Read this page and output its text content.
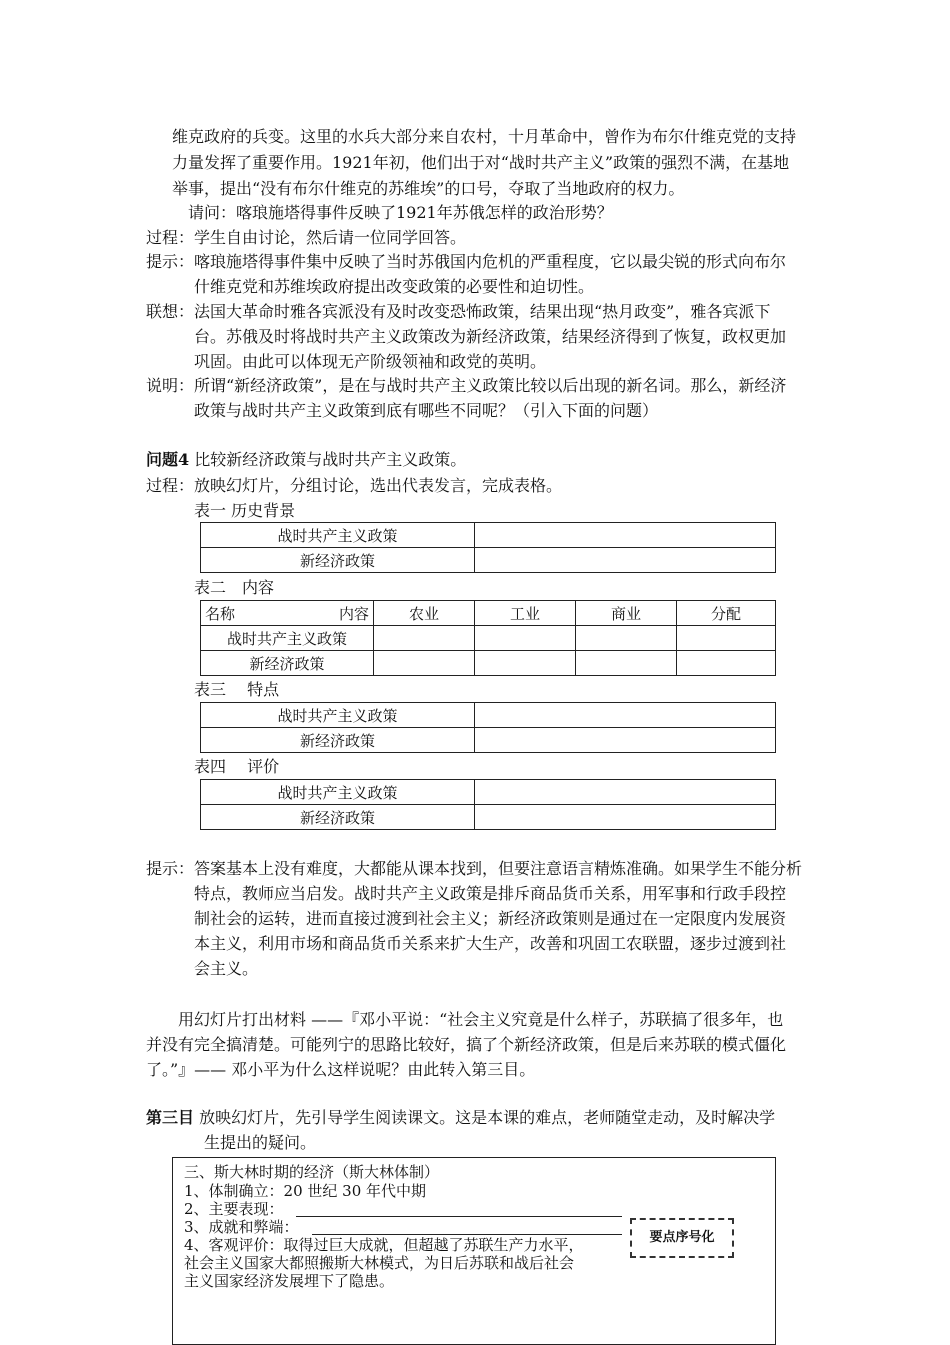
维克政府的兵变。这里的水兵大部分来自农村，十月革命中，曾作为布尔什维克党的支持
力量发挥了重要作用。1921年初，他们出于对“战时共产主义”政策的强烈不满，在基地
举事，提出“没有布尔什维克的苏维埃”的口号，夺取了当地政府的权力。
请问：喀琅施塔得事件反映了1921年苏俄怎样的政治形势？
过程：学生自由讨论，然后请一位同学回答。
提示：喀琅施塔得事件集中反映了当时苏俄国内危机的严重程度，它以最尖锐的形式向布尔
什维克党和苏维埃政府提出改变政策的必要性和迫切性。
联想：法国大革命时雅各宾派没有及时改变恐怖政策，结果出现“热月政变”，雅各宾派下
台。苏俄及时将战时共产主义政策改为新经济政策，结果经济得到了恢复，政权更加
巩固。由此可以体现无产阶级领袖和政党的英明。
说明：所谓“新经济政策”，是在与战时共产主义政策比较以后出现的新名词。那么，新经济
政策与战时共产主义政策到底有哪些不同呢？（引入下面的问题）
问题4 比较新经济政策与战时共产主义政策。
过程：放映幻灯片，分组讨论，选出代表发言，完成表格。
表一 历史背景
战时共产主义政策	
新经济政策	
表二　内容
名称 内容	农业	工业	商业	分配
战时共产主义政策				
新经济政策				
表三　 特点
战时共产主义政策	
新经济政策	
表四　 评价
战时共产主义政策	
新经济政策	
提示：答案基本上没有难度，大都能从课本找到，但要注意语言精炼准确。如果学生不能分析
特点，教师应当启发。战时共产主义政策是排斥商品货币关系，用军事和行政手段控
制社会的运转，进而直接过渡到社会主义；新经济政策则是通过在一定限度内发展资
本主义，利用市场和商品货币关系来扩大生产，改善和巩固工农联盟，逐步过渡到社
会主义。
用幻灯片打出材料 ——『邓小平说：“社会主义究竟是什么样子，苏联搞了很多年，也
并没有完全搞清楚。可能列宁的思路比较好，搞了个新经济政策，但是后来苏联的模式僵化
了。”』—— 邓小平为什么这样说呢？由此转入第三目。
第三目 放映幻灯片，先引导学生阅读课文。这是本课的难点，老师随堂走动，及时解决学
生提出的疑问。
三、斯大林时期的经济（斯大林体制）
1、体制确立：20 世纪 30 年代中期
2、主要表现：
3、成就和弊端：
4、客观评价：取得过巨大成就，但超越了苏联生产力水平，
社会主义国家大都照搬斯大林模式，为日后苏联和战后社会
主义国家经济发展埋下了隐患。
要点序号化
